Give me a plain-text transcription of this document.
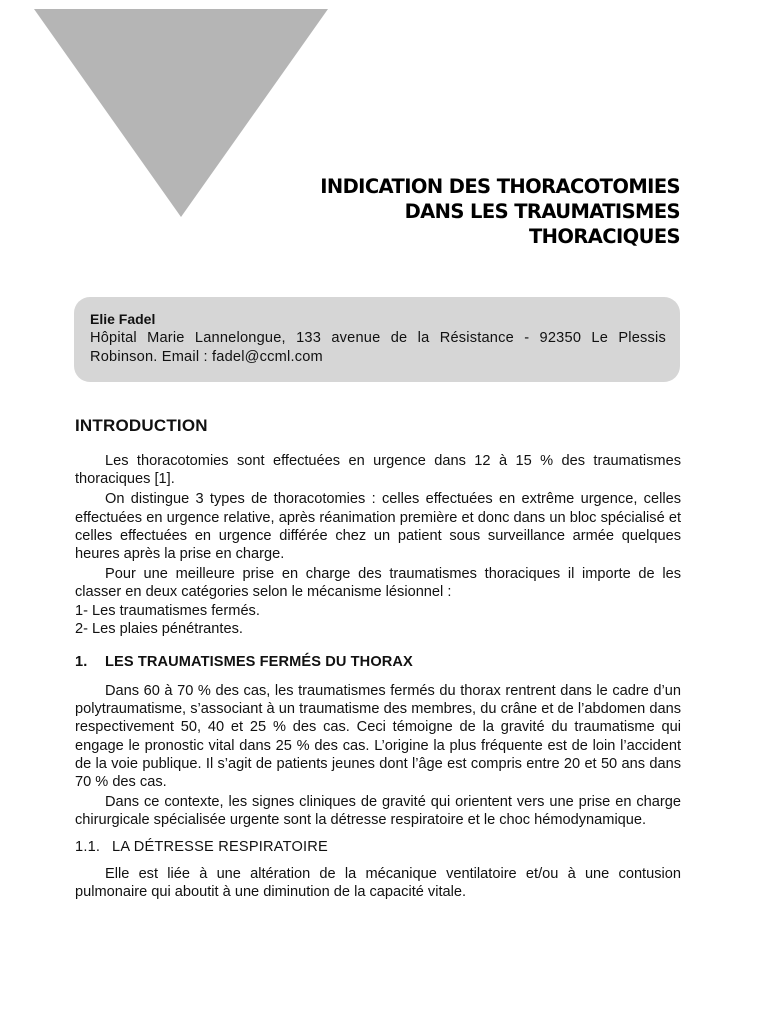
INDICATION DES THORACOTOMIES
DANS LES TRAUMATISMES
THORACIQUES
Elie Fadel
Hôpital Marie Lannelongue, 133 avenue de la Résistance - 92350 Le Plessis Robinson. Email : fadel@ccml.com
INTRODUCTION

Les thoracotomies sont effectuées en urgence dans 12 à 15 % des traumatismes thoraciques [1].

On distingue 3 types de thoracotomies : celles effectuées en extrême urgence, celles effectuées en urgence relative, après réanimation première et donc dans un bloc spécialisé et celles effectuées en urgence différée chez un patient sous surveillance armée quelques heures après la prise en charge.

Pour une meilleure prise en charge des traumatismes thoraciques il importe de les classer en deux catégories selon le mécanisme lésionnel :

1- Les traumatismes fermés.
2- Les plaies pénétrantes.
1. LES TRAUMATISMES FERMÉS DU THORAX

Dans 60 à 70 % des cas, les traumatismes fermés du thorax rentrent dans le cadre d’un polytraumatisme, s’associant à un traumatisme des membres, du crâne et de l’abdomen dans respectivement 50, 40 et 25 % des cas. Ceci témoigne de la gravité du traumatisme qui engage le pronostic vital dans 25 % des cas. L’origine la plus fréquente est de loin l’accident de la voie publique. Il s’agit de patients jeunes dont l’âge est compris entre 20 et 50 ans dans 70 % des cas.

Dans ce contexte, les signes cliniques de gravité qui orientent vers une prise en charge chirurgicale spécialisée urgente sont la détresse respiratoire et le choc hémodynamique.

1.1. LA DÉTRESSE RESPIRATOIRE

Elle est liée à une altération de la mécanique ventilatoire et/ou à une contusion pulmonaire qui aboutit à une diminution de la capacité vitale.
